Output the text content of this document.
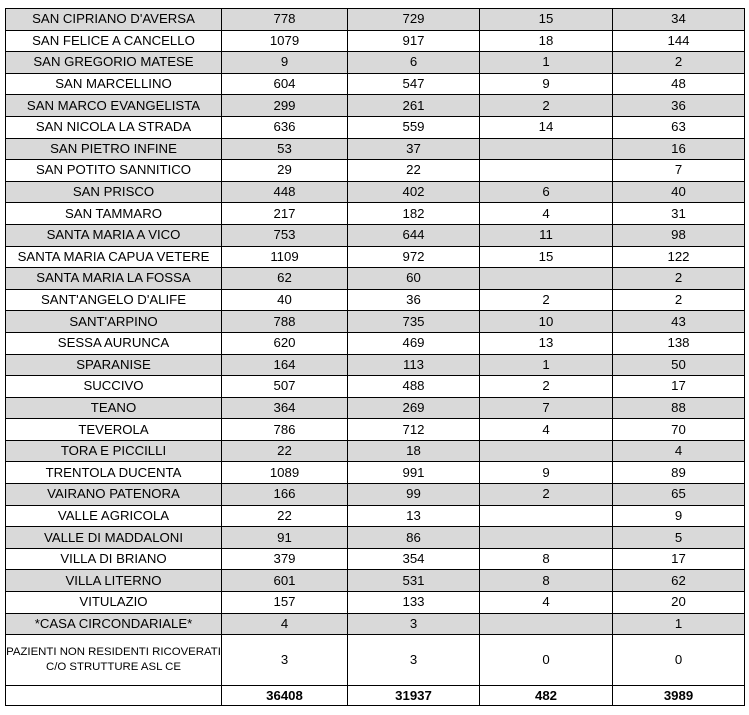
SAN CIPRIANO D'AVERSA	778	729	15	34
SAN FELICE A CANCELLO	1079	917	18	144
SAN GREGORIO MATESE	9	6	1	2
SAN MARCELLINO	604	547	9	48
SAN MARCO EVANGELISTA	299	261	2	36
SAN NICOLA LA STRADA	636	559	14	63
SAN PIETRO INFINE	53	37		16
SAN POTITO SANNITICO	29	22		7
SAN PRISCO	448	402	6	40
SAN TAMMARO	217	182	4	31
SANTA MARIA A VICO	753	644	11	98
SANTA MARIA CAPUA VETERE	1109	972	15	122
SANTA MARIA LA FOSSA	62	60		2
SANT'ANGELO D'ALIFE	40	36	2	2
SANT'ARPINO	788	735	10	43
SESSA AURUNCA	620	469	13	138
SPARANISE	164	113	1	50
SUCCIVO	507	488	2	17
TEANO	364	269	7	88
TEVEROLA	786	712	4	70
TORA E PICCILLI	22	18		4
TRENTOLA DUCENTA	1089	991	9	89
VAIRANO PATENORA	166	99	2	65
VALLE AGRICOLA	22	13		9
VALLE DI MADDALONI	91	86		5
VILLA DI BRIANO	379	354	8	17
VILLA LITERNO	601	531	8	62
VITULAZIO	157	133	4	20
*CASA CIRCONDARIALE*	4	3		1
PAZIENTI NON RESIDENTI RICOVERATI C/O STRUTTURE ASL CE	3	3	0	0
	36408	31937	482	3989
